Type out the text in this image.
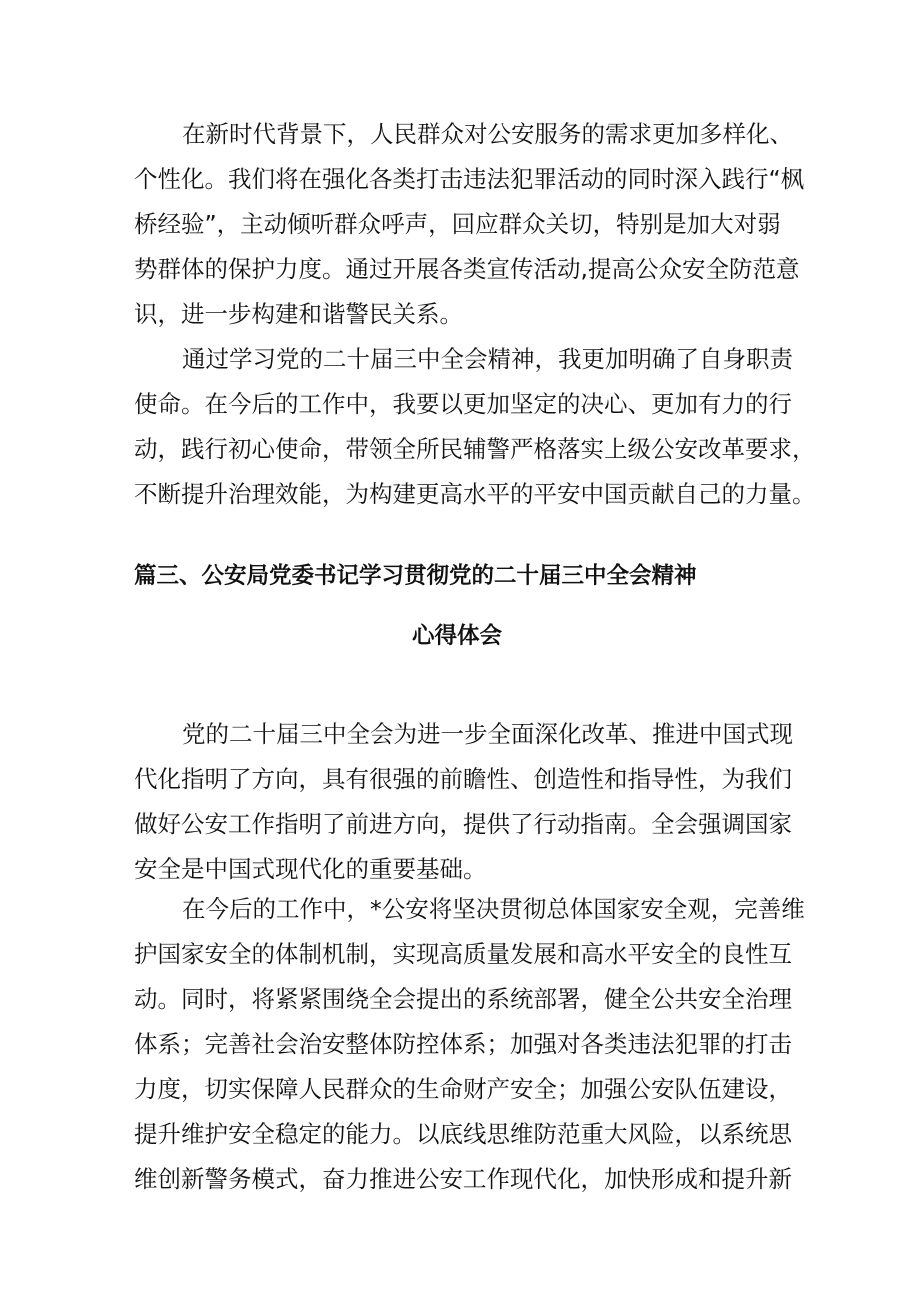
在新时代背景下，人民群众对公安服务的需求更加多样化、
个性化。我们将在强化各类打击违法犯罪活动的同时深入践行“枫
桥经验”，主动倾听群众呼声，回应群众关切，特别是加大对弱
势群体的保护力度。通过开展各类宣传活动,提高公众安全防范意
识，进一步构建和谐警民关系。
通过学习党的二十届三中全会精神，我更加明确了自身职责
使命。在今后的工作中，我要以更加坚定的决心、更加有力的行
动，践行初心使命，带领全所民辅警严格落实上级公安改革要求，
不断提升治理效能，为构建更高水平的平安中国贡献自己的力量。
篇三、公安局党委书记学习贯彻党的二十届三中全会精神
心得体会
党的二十届三中全会为进一步全面深化改革、推进中国式现
代化指明了方向，具有很强的前瞻性、创造性和指导性，为我们
做好公安工作指明了前进方向，提供了行动指南。全会强调国家
安全是中国式现代化的重要基础。
在今后的工作中，*公安将坚决贯彻总体国家安全观，完善维
护国家安全的体制机制，实现高质量发展和高水平安全的良性互
动。同时，将紧紧围绕全会提出的系统部署，健全公共安全治理
体系；完善社会治安整体防控体系；加强对各类违法犯罪的打击
力度，切实保障人民群众的生命财产安全；加强公安队伍建设，
提升维护安全稳定的能力。以底线思维防范重大风险，以系统思
维创新警务模式，奋力推进公安工作现代化，加快形成和提升新
